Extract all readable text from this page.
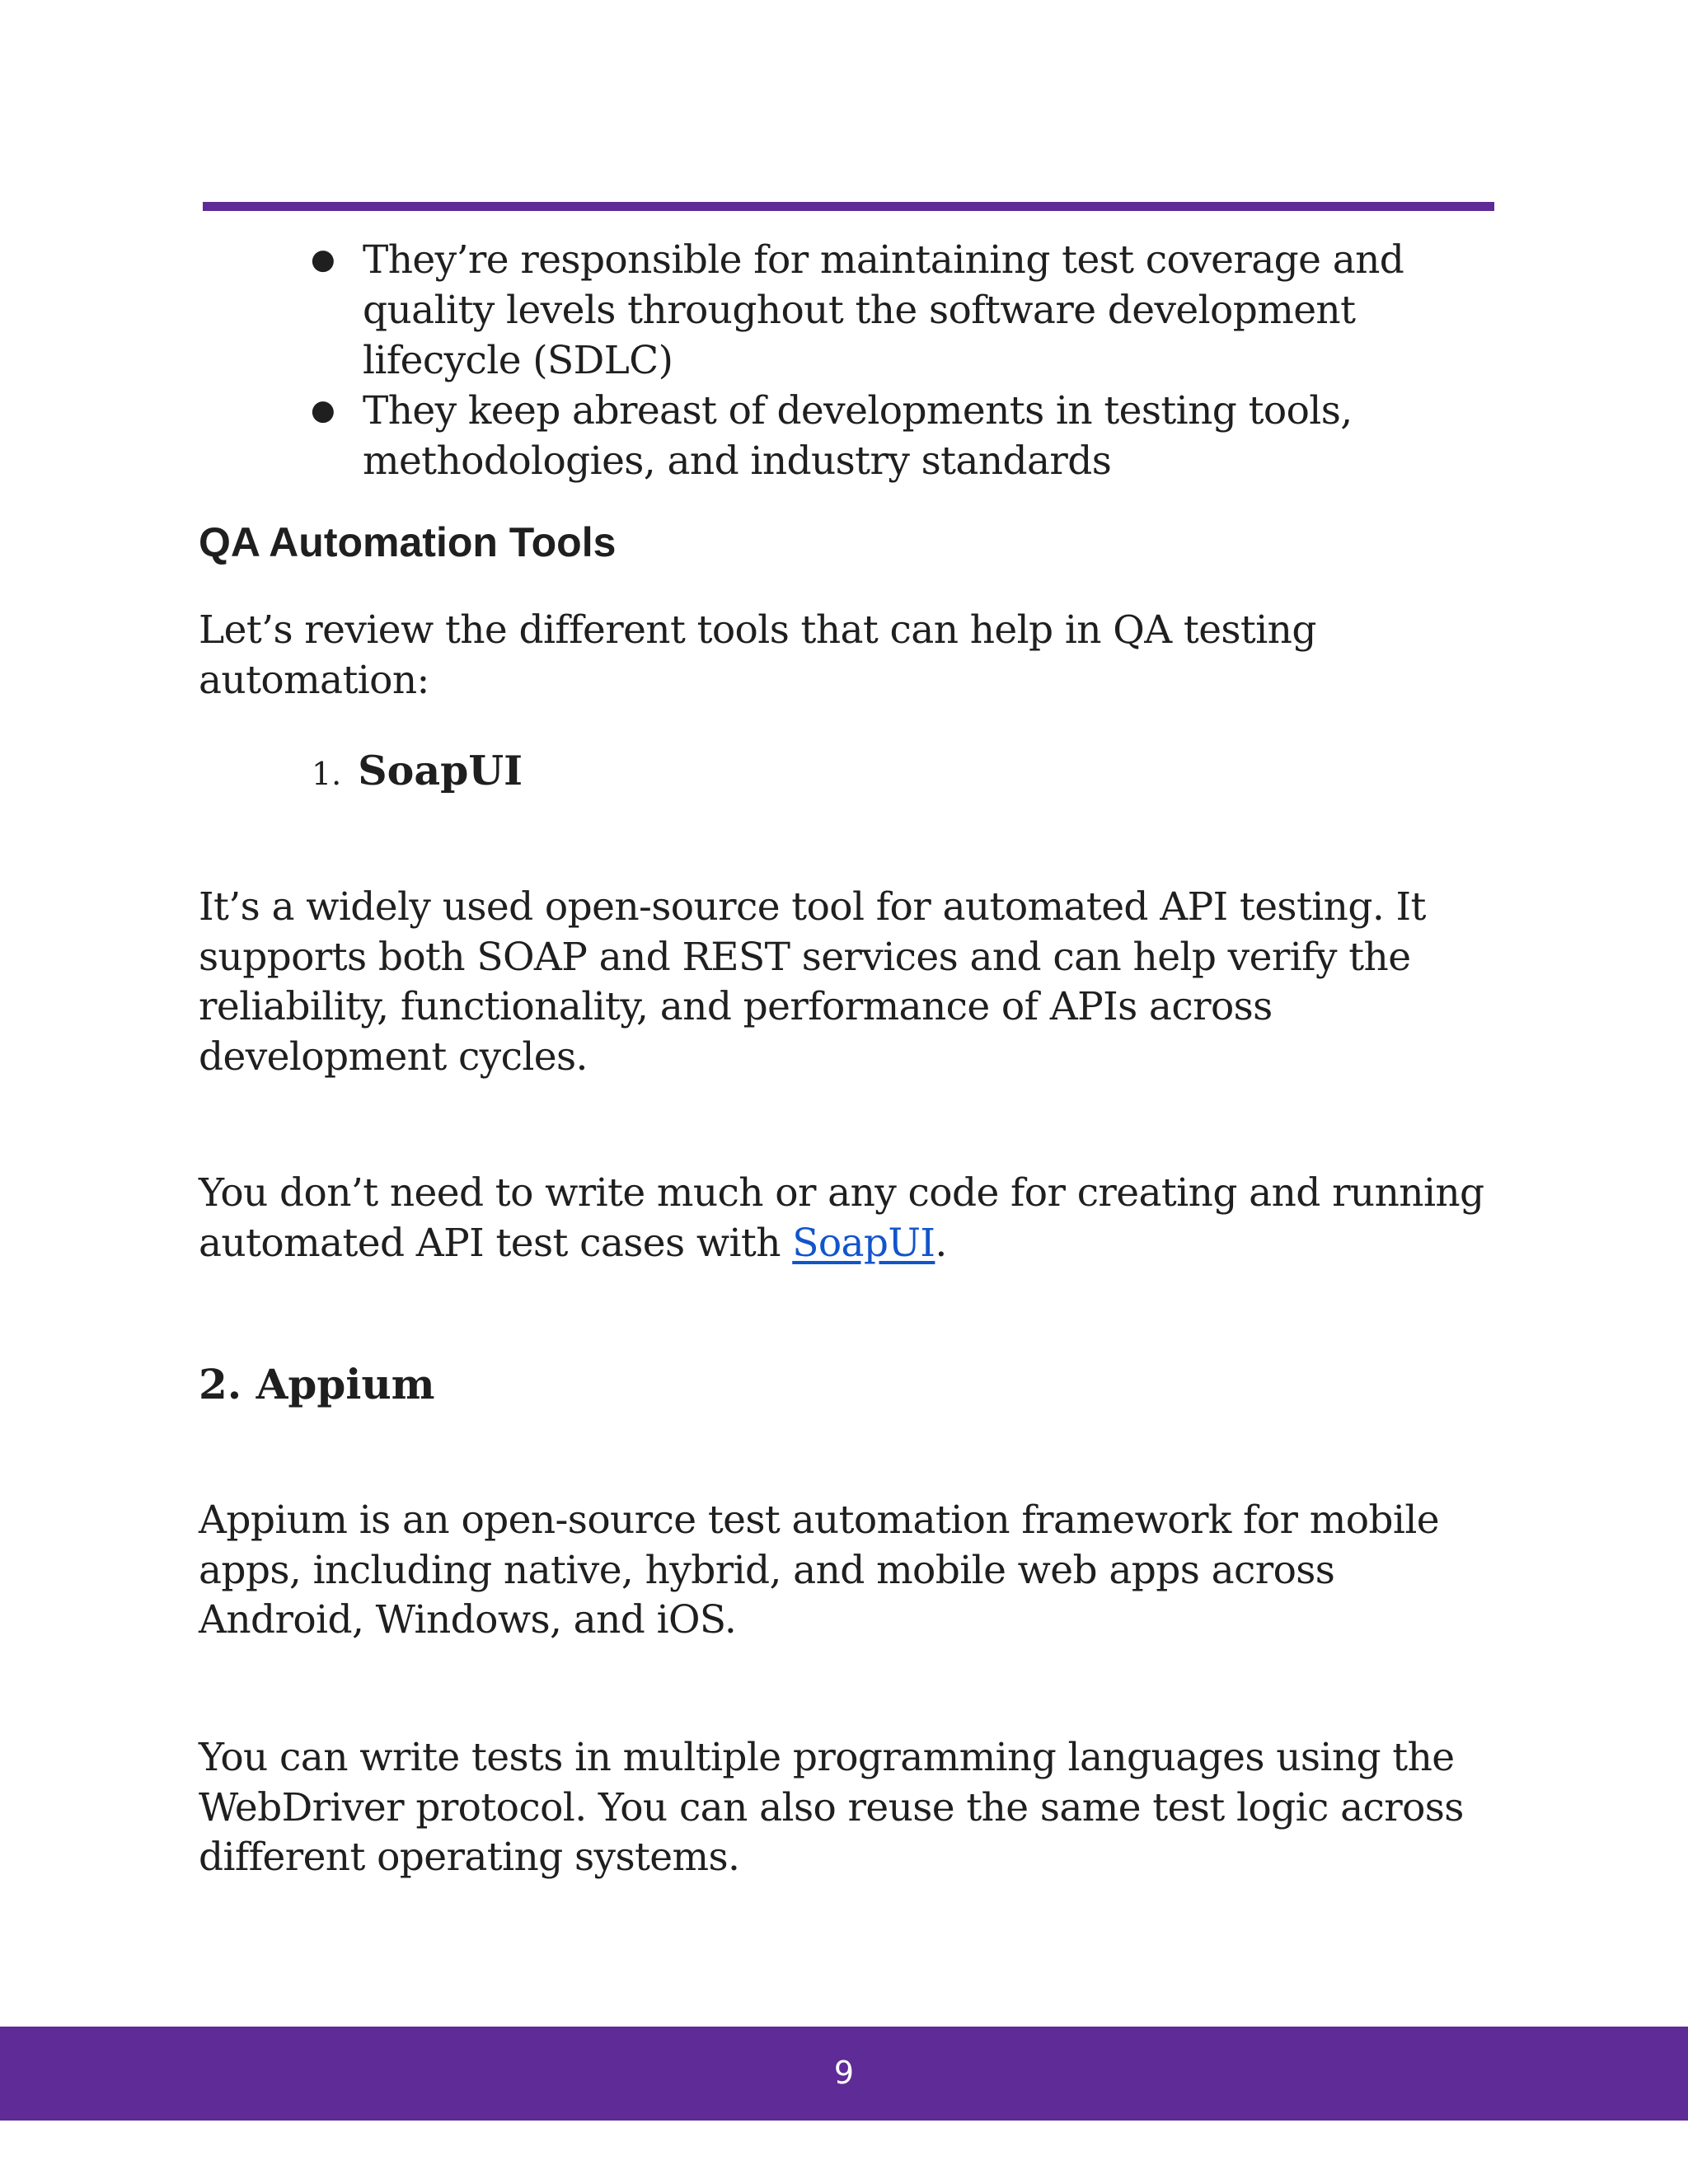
● They’re responsible for maintaining test coverage and quality levels throughout the software development lifecycle (SDLC)
● They keep abreast of developments in testing tools, methodologies, and industry standards
QA Automation Tools

Let’s review the different tools that can help in QA testing automation:

1. SoapUI

It’s a widely used open-source tool for automated API testing. It supports both SOAP and REST services and can help verify the reliability, functionality, and performance of APIs across development cycles.

You don’t need to write much or any code for creating and running automated API test cases with SoapUI.

2. Appium

Appium is an open-source test automation framework for mobile apps, including native, hybrid, and mobile web apps across Android, Windows, and iOS.

You can write tests in multiple programming languages using the WebDriver protocol. You can also reuse the same test logic across different operating systems.

9
